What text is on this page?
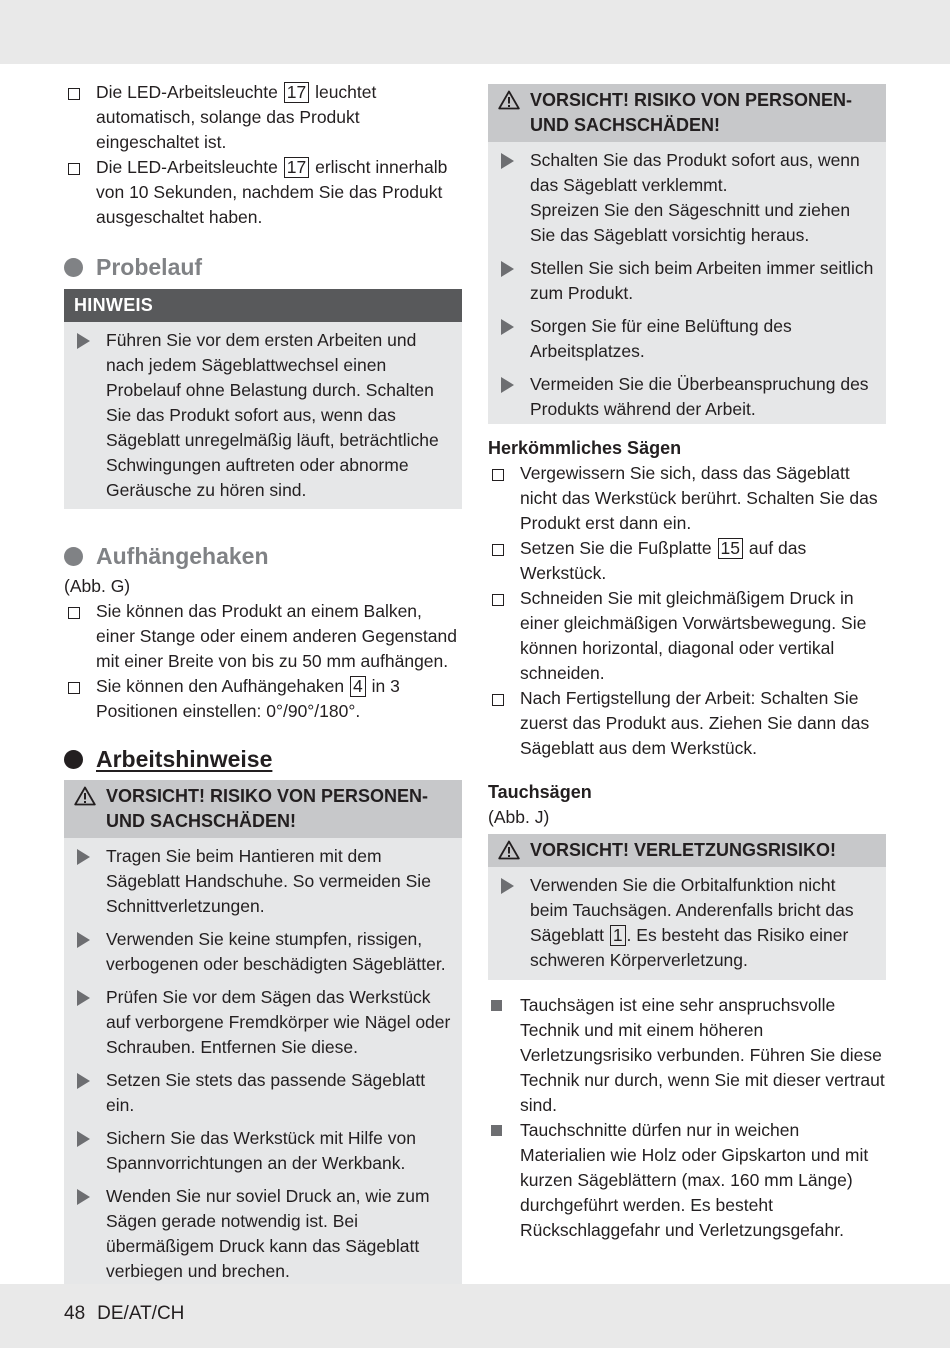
Die LED-Arbeitsleuchte 17 leuchtet automatisch, solange das Produkt eingeschaltet ist.
Die LED-Arbeitsleuchte 17 erlischt innerhalb von 10 Sekunden, nachdem Sie das Produkt ausgeschaltet haben.
Probelauf
HINWEIS
Führen Sie vor dem ersten Arbeiten und nach jedem Sägeblattwechsel einen Probelauf ohne Belastung durch. Schalten Sie das Produkt sofort aus, wenn das Sägeblatt unregelmäßig läuft, beträchtliche Schwingungen auftreten oder abnorme Geräusche zu hören sind.
Aufhängehaken
(Abb. G)
Sie können das Produkt an einem Balken, einer Stange oder einem anderen Gegenstand mit einer Breite von bis zu 50 mm aufhängen.
Sie können den Aufhängehaken 4 in 3 Positionen einstellen: 0°/90°/180°.
Arbeitshinweise
VORSICHT! RISIKO VON PERSONEN- UND SACHSCHÄDEN!
Tragen Sie beim Hantieren mit dem Sägeblatt Handschuhe. So vermeiden Sie Schnittverletzungen.
Verwenden Sie keine stumpfen, rissigen, verbogenen oder beschädigten Sägeblätter.
Prüfen Sie vor dem Sägen das Werkstück auf verborgene Fremdkörper wie Nägel oder Schrauben. Entfernen Sie diese.
Setzen Sie stets das passende Sägeblatt ein.
Sichern Sie das Werkstück mit Hilfe von Spannvorrichtungen an der Werkbank.
Wenden Sie nur soviel Druck an, wie zum Sägen gerade notwendig ist. Bei übermäßigem Druck kann das Sägeblatt verbiegen und brechen.
VORSICHT! RISIKO VON PERSONEN- UND SACHSCHÄDEN!
Schalten Sie das Produkt sofort aus, wenn das Sägeblatt verklemmt.
Spreizen Sie den Sägeschnitt und ziehen Sie das Sägeblatt vorsichtig heraus.
Stellen Sie sich beim Arbeiten immer seitlich zum Produkt.
Sorgen Sie für eine Belüftung des Arbeitsplatzes.
Vermeiden Sie die Überbeanspruchung des Produkts während der Arbeit.
Herkömmliches Sägen
Vergewissern Sie sich, dass das Sägeblatt nicht das Werkstück berührt. Schalten Sie das Produkt erst dann ein.
Setzen Sie die Fußplatte 15 auf das Werkstück.
Schneiden Sie mit gleichmäßigem Druck in einer gleichmäßigen Vorwärtsbewegung. Sie können horizontal, diagonal oder vertikal schneiden.
Nach Fertigstellung der Arbeit: Schalten Sie zuerst das Produkt aus. Ziehen Sie dann das Sägeblatt aus dem Werkstück.
Tauchsägen
(Abb. J)
VORSICHT! VERLETZUNGSRISIKO!
Verwenden Sie die Orbitalfunktion nicht beim Tauchsägen. Anderenfalls bricht das Sägeblatt 1 . Es besteht das Risiko einer schweren Körperverletzung.
Tauchsägen ist eine sehr anspruchsvolle Technik und mit einem höheren Verletzungsrisiko verbunden. Führen Sie diese Technik nur durch, wenn Sie mit dieser vertraut sind.
Tauchschnitte dürfen nur in weichen Materialien wie Holz oder Gipskarton und mit kurzen Sägeblättern (max. 160 mm Länge) durchgeführt werden. Es besteht Rückschlaggefahr und Verletzungsgefahr.
48 DE/AT/CH
